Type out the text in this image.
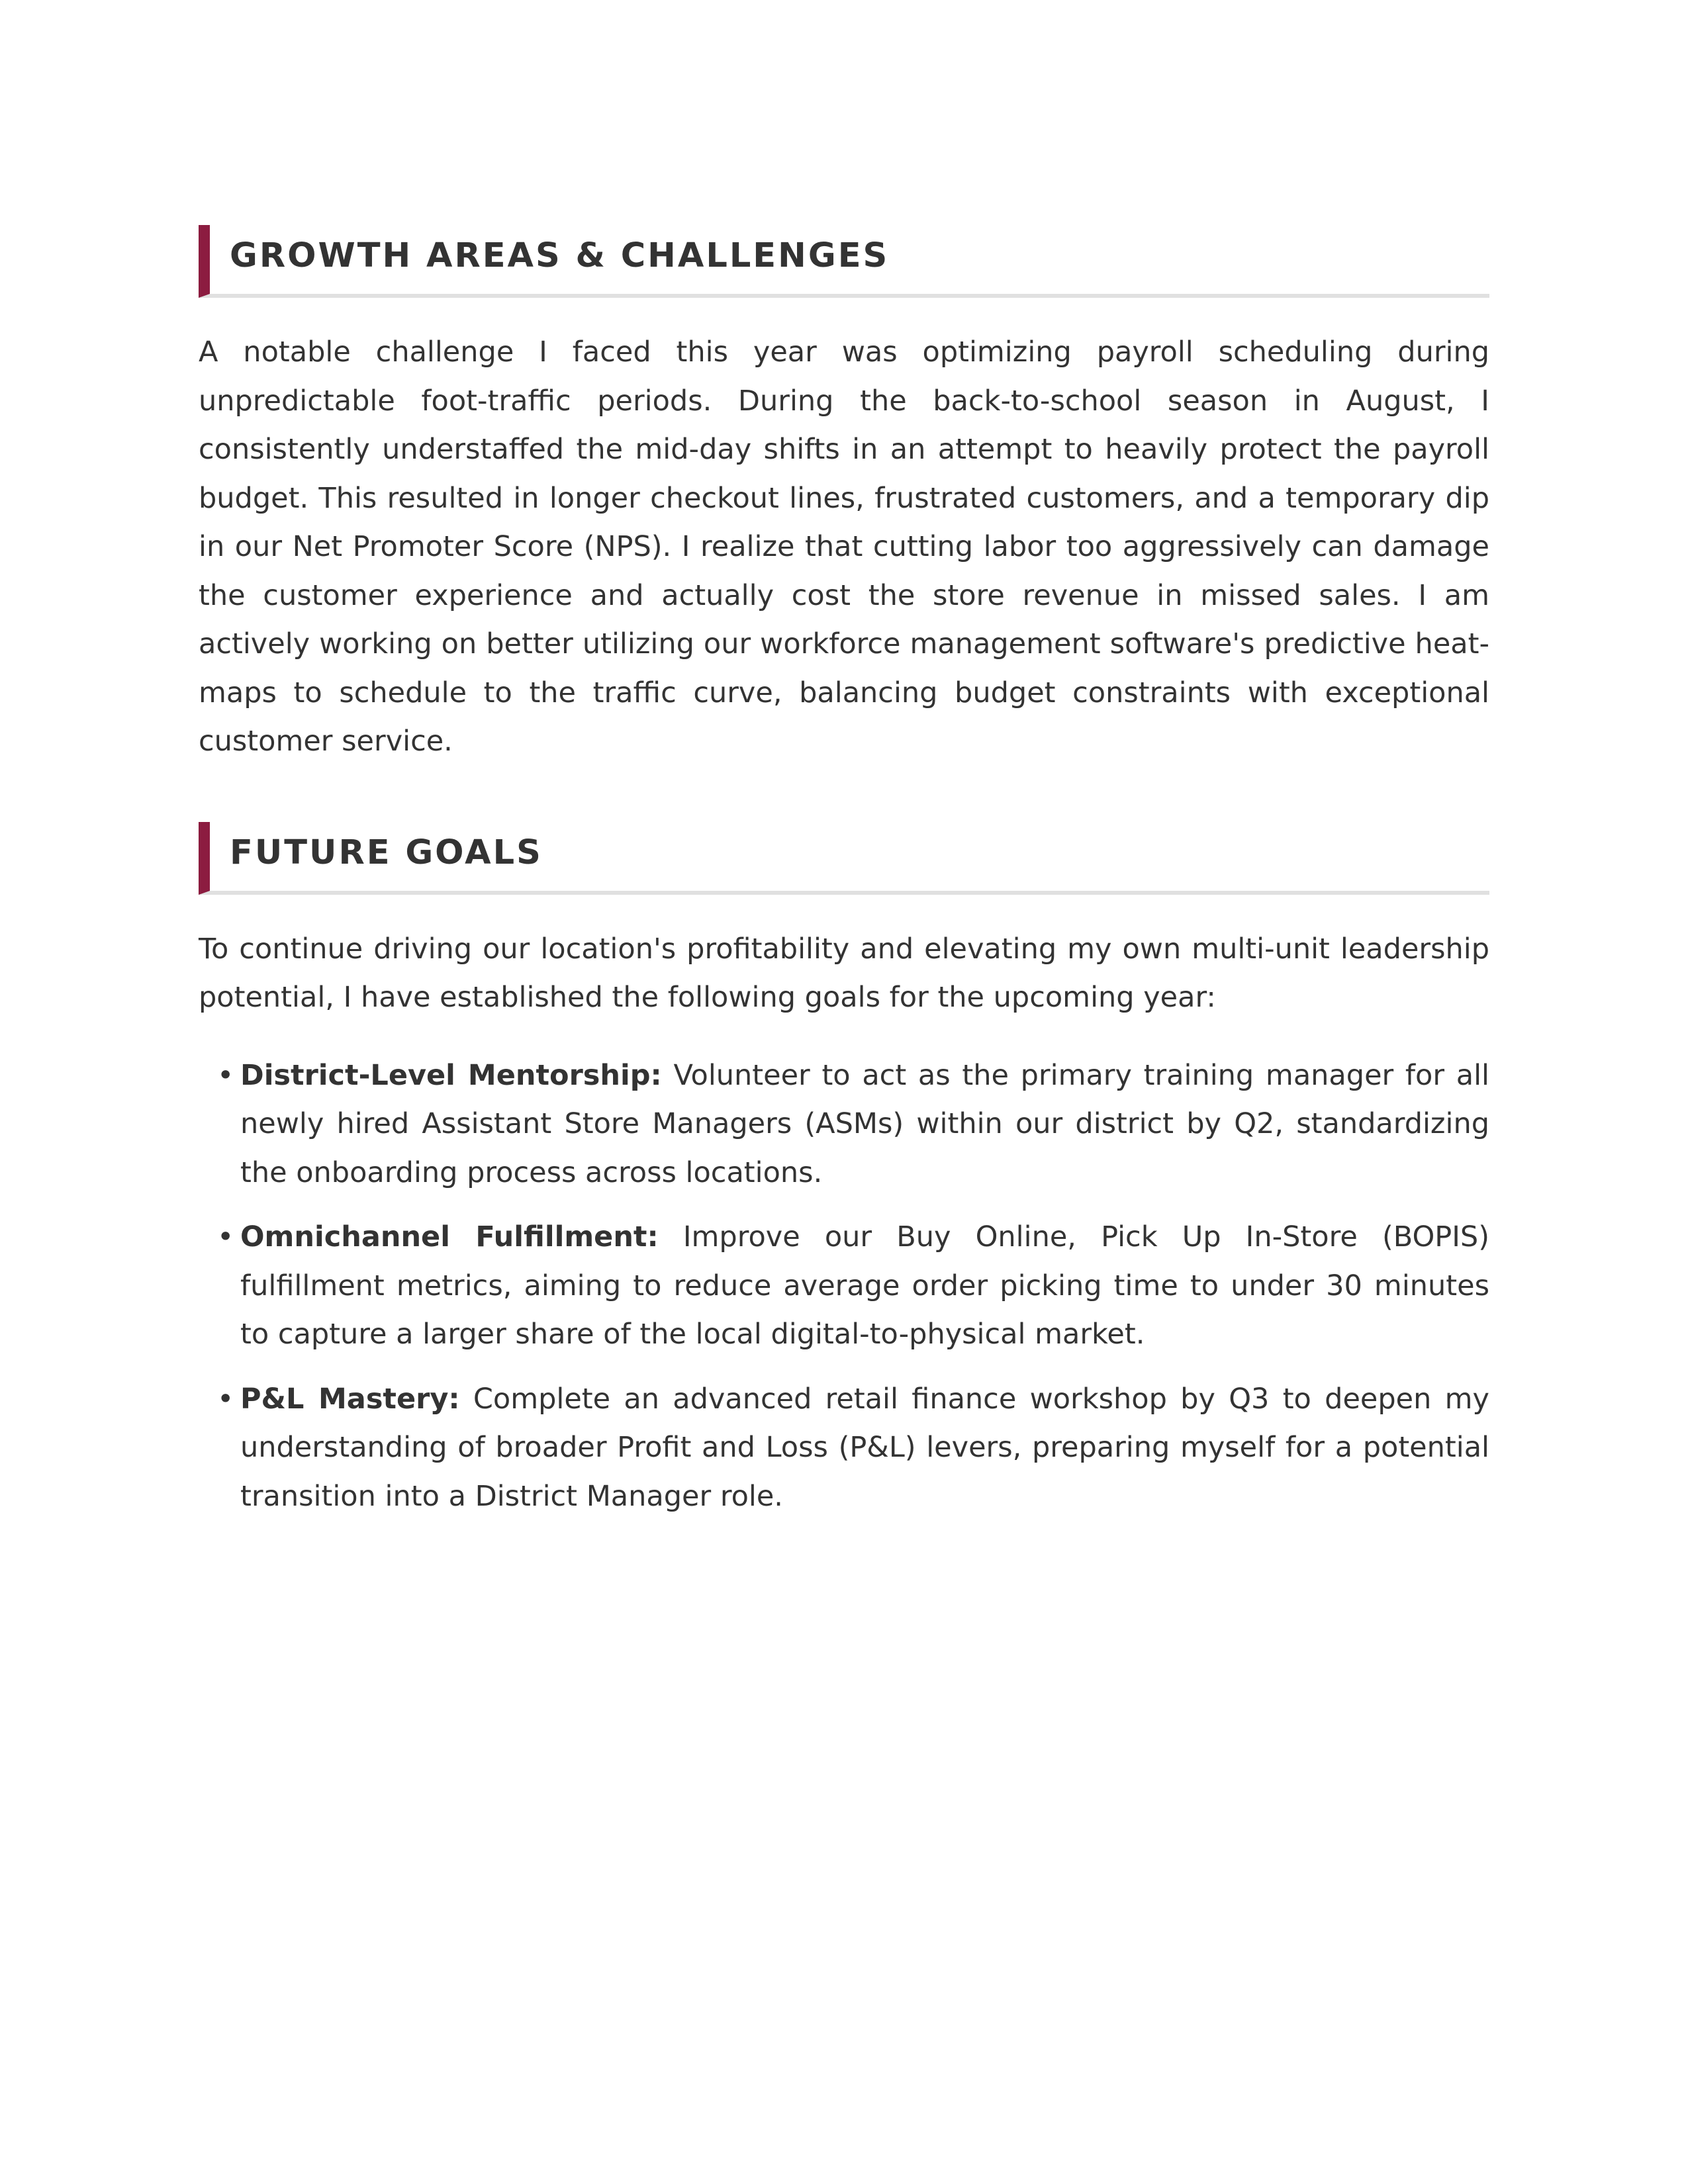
GROWTH AREAS & CHALLENGES

A notable challenge I faced this year was optimizing payroll scheduling during unpredictable foot-traffic periods. During the back-to-school season in August, I consistently understaffed the mid-day shifts in an attempt to heavily protect the payroll budget. This resulted in longer checkout lines, frustrated customers, and a temporary dip in our Net Promoter Score (NPS). I realize that cutting labor too aggressively can damage the customer experience and actually cost the store revenue in missed sales. I am actively working on better utilizing our workforce management software's predictive heat-maps to schedule to the traffic curve, balancing budget constraints with exceptional customer service.

FUTURE GOALS

To continue driving our location's profitability and elevating my own multi-unit leadership potential, I have established the following goals for the upcoming year:

• District-Level Mentorship: Volunteer to act as the primary training manager for all newly hired Assistant Store Managers (ASMs) within our district by Q2, standardizing the onboarding process across locations.
• Omnichannel Fulfillment: Improve our Buy Online, Pick Up In-Store (BOPIS) fulfillment metrics, aiming to reduce average order picking time to under 30 minutes to capture a larger share of the local digital-to-physical market.
• P&L Mastery: Complete an advanced retail finance workshop by Q3 to deepen my understanding of broader Profit and Loss (P&L) levers, preparing myself for a potential transition into a District Manager role.
